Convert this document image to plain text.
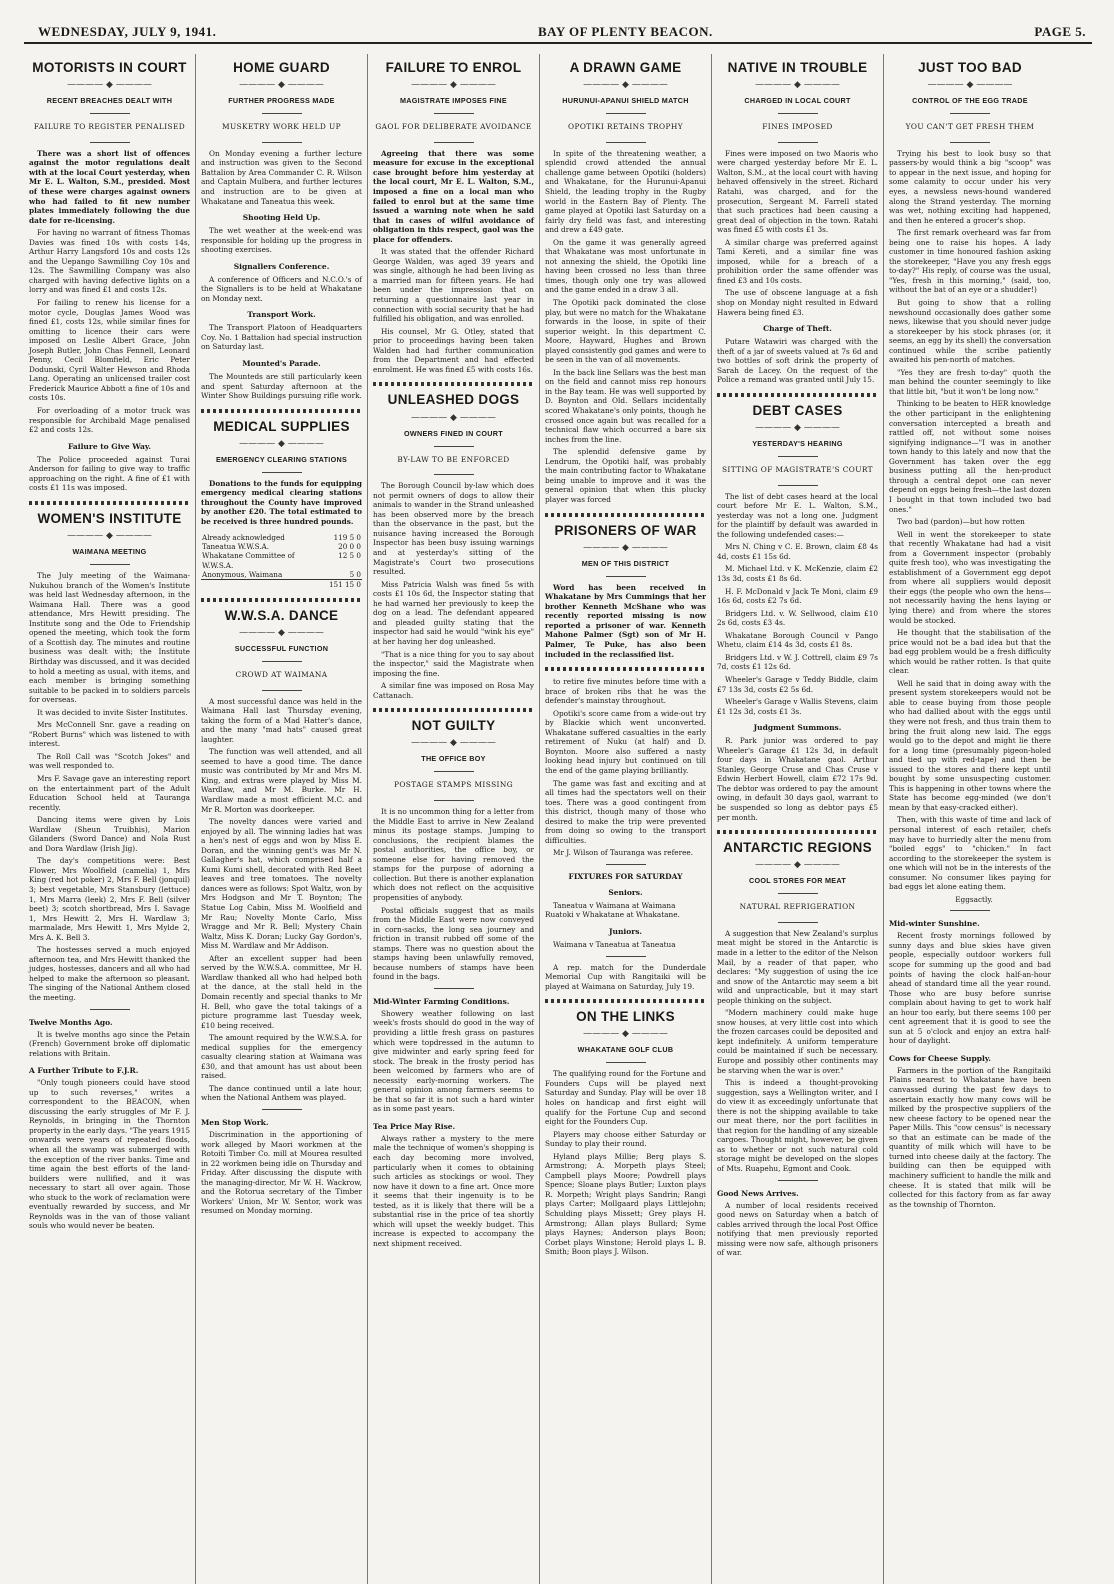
WEDNESDAY, JULY 9, 1941.	BAY OF PLENTY BEACON.	PAGE 5.
MOTORISTS IN COURT
———— ◆ ————
RECENT BREACHES DEALT WITH
FAILURE TO REGISTER PENALISED

There was a short list of offences against the motor regulations dealt with at the local Court yesterday, when Mr E. L. Walton, S.M., presided. Most of these were charges against owners who had failed to fit new number plates immediately following the due date for re-licensing.

For having no warrant of fitness Thomas Davies was fined 10s with costs 14s, Arthur Harry Langsford 10s and costs 12s and the Uepango Sawmilling Coy 10s and 12s. The Sawmilling Company was also charged with having defective lights on a lorry and was fined £1 and costs 12s.

For failing to renew his license for a motor cycle, Douglas James Wood was fined £1, costs 12s, while similar fines for omitting to licence their cars were imposed on Leslie Albert Grace, John Joseph Butler, John Chas Fennell, Leonard Penny, Cecil Blomfield, Eric Peter Dodunski, Cyril Walter Hewson and Rhoda Lang. Operating an unlicensed trailer cost Frederick Maurice Abbott a fine of 10s and costs 10s.

For overloading of a motor truck was responsible for Archibald Mage penalised £2 and costs 12s.

Failure to Give Way.

The Police proceeded against Turai Anderson for failing to give way to traffic approaching on the right. A fine of £1 with costs £1 11s was imposed.

WOMEN'S INSTITUTE
———— ◆ ————
WAIMANA MEETING

The July meeting of the Waimana-Nukuhou branch of the Women's Institute was held last Wednesday afternoon, in the Waimana Hall. There was a good attendance, Mrs Hewitt presiding. The Institute song and the Ode to Friendship opened the meeting, which took the form of a Scottish day. The minutes and routine business was dealt with; the Institute Birthday was discussed, and it was decided to hold a meeting as usual, with items, and each member is bringing something suitable to be packed in to soldiers parcels for overseas.

It was decided to invite Sister Institutes.

Mrs McConnell Snr. gave a reading on "Robert Burns" which was listened to with interest.

The Roll Call was "Scotch Jokes" and was well responded to.

Mrs F. Savage gave an interesting report on the entertainment part of the Adult Education School held at Tauranga recently.

Dancing items were given by Lois Wardlaw (Sheun Truibhis), Marion Gilanders (Sword Dance) and Nola Rust and Dora Wardlaw (Irish Jig).

The day's competitions were: Best Flower, Mrs Woolfield (camelia) 1, Mrs King (red hot poker) 2, Mrs F. Bell (jonquil) 3; best vegetable, Mrs Stansbury (lettuce) 1, Mrs Marra (leek) 2, Mrs F. Bell (silver beet) 3; scotch shortbread, Mrs I. Savage 1, Mrs Hewitt 2, Mrs H. Wardlaw 3; marmalade, Mrs Hewitt 1, Mrs Mylde 2, Mrs A. K. Bell 3.

The hostesses served a much enjoyed afternoon tea, and Mrs Hewitt thanked the judges, hostesses, dancers and all who had helped to make the afternoon so pleasant. The singing of the National Anthem closed the meeting.

Twelve Months Ago.

It is twelve months ago since the Petain (French) Government broke off diplomatic relations with Britain.

A Further Tribute to F.J.R.

"Only tough pioneers could have stood up to such reverses," writes a correspondent to the BEACON, when discussing the early struggles of Mr F. J. Reynolds, in bringing in the Thornton property in the early days. "The years 1915 onwards were years of repeated floods, when all the swamp was submerged with the exception of the river banks. Time and time again the best efforts of the land-builders were nullified, and it was necessary to start all over again. Those who stuck to the work of reclamation were eventually rewarded by success, and Mr Reynolds was in the van of those valiant souls who would never be beaten.

HOME GUARD
———— ◆ ————
FURTHER PROGRESS MADE
MUSKETRY WORK HELD UP

On Monday evening a further lecture and instruction was given to the Second Battalion by Area Commander C. R. Wilson and Captain Mulbera, and further lectures and instruction are to be given at Whakatane and Taneatua this week.

Shooting Held Up.

The wet weather at the week-end was responsible for holding up the progress in shooting exercises.

Signallers Conference.

A conference of Officers and N.C.O.'s of the Signallers is to be held at Whakatane on Monday next.

Transport Work.

The Transport Platoon of Headquarters Coy. No. 1 Battalion had special instruction on Saturday last.

Mounted's Parade.

The Mounteds are still particularly keen and spent Saturday afternoon at the Winter Show Buildings pursuing rifle work.

MEDICAL SUPPLIES
———— ◆ ————
EMERGENCY CLEARING STATIONS

Donations to the funds for equipping emergency medical clearing stations throughout the County have improved by another £20. The total estimated to be received is three hundred pounds.

Already acknowledged	119 5 0
Taneatua W.W.S.A.	20 0 0
Whakatane Committee of W.W.S.A.	12 5 0
Anonymous, Waimana	5 0
	151 15 0
W.W.S.A. DANCE
———— ◆ ————
SUCCESSFUL FUNCTION
CROWD AT WAIMANA

A most successful dance was held in the Waimana Hall last Thursday evening, taking the form of a Mad Hatter's dance, and the many "mad hats" caused great laughter.

The function was well attended, and all seemed to have a good time. The dance music was contributed by Mr and Mrs M. King, and extras were played by Miss M. Wardlaw, and Mr M. Burke. Mr H. Wardlaw made a most efficient M.C. and Mr R. Morton was doorkeeper.

The novelty dances were varied and enjoyed by all. The winning ladies hat was a hen's nest of eggs and won by Miss E. Doran, and the winning gent's was Mr N. Gallagher's hat, which comprised half a Kumi Kumi shell, decorated with Red Beet leaves and tree tomatoes. The novelty dances were as follows: Spot Waltz, won by Mrs Hodgson and Mr T. Boynton; The Statue Log Cabin, Miss M. Woolfield and Mr Rau; Novelty Monte Carlo, Miss Wragge and Mr R. Bell; Mystery Chain Waltz, Miss K. Doran; Lucky Gay Gordon's, Miss M. Wardlaw and Mr Addison.

After an excellent supper had been served by the W.W.S.A. committee, Mr H. Wardlaw thanked all who had helped both at the dance, at the stall held in the Domain recently and special thanks to Mr H. Bell, who gave the total takings of a picture programme last Tuesday week, £10 being received.

The amount required by the W.W.S.A. for medical supplies for the emergency casualty clearing station at Waimana was £30, and that amount has ust about been raised.

The dance continued until a late hour, when the National Anthem was played.

Men Stop Work.

Discrimination in the apportioning of work alleged by Maori workmen at the Rotoiti Timber Co. mill at Mourea resulted in 22 workmen being idle on Thursday and Friday. After discussing the dispute with the managing-director, Mr W. H. Wackrow, and the Rotorua secretary of the Timber Workers' Union, Mr W. Sentor, work was resumed on Monday morning.

FAILURE TO ENROL
———— ◆ ————
MAGISTRATE IMPOSES FINE
GAOL FOR DELIBERATE AVOIDANCE

Agreeing that there was some measure for excuse in the exceptional case brought before him yesterday at the local court, Mr E. L. Walton, S.M., imposed a fine on a local man who failed to enrol but at the same time issued a warning note when he said that in cases of wilful avoidance of obligation in this respect, gaol was the place for offenders.

It was stated that the offender Richard George Walden, was aged 39 years and was single, although he had been living as a married man for fifteen years. He had been under the impression that on returning a questionnaire last year in connection with social security that he had fulfilled his obligation, and was enrolled.

His counsel, Mr G. Otley, stated that prior to proceedings having been taken Walden had had further communication from the Department and had effected enrolment. He was fined £5 with costs 16s.

UNLEASHED DOGS
———— ◆ ————
OWNERS FINED IN COURT
BY-LAW TO BE ENFORCED

The Borough Council by-law which does not permit owners of dogs to allow their animals to wander in the Strand unleashed has been observed more by the breach than the observance in the past, but the nuisance having increased the Borough Inspector has been busy issuing warnings and at yesterday's sitting of the Magistrate's Court two prosecutions resulted.

Miss Patricia Walsh was fined 5s with costs £1 10s 6d, the Inspector stating that he had warned her previously to keep the dog on a lead. The defendant appeared and pleaded guilty stating that the inspector had said he would "wink his eye" at her having her dog unleashed.

"That is a nice thing for you to say about the inspector," said the Magistrate when imposing the fine.

A similar fine was imposed on Rosa May Cattanach.

NOT GUILTY
———— ◆ ————
THE OFFICE BOY
POSTAGE STAMPS MISSING

It is no uncommon thing for a letter from the Middle East to arrive in New Zealand minus its postage stamps. Jumping to conclusions, the recipient blames the postal authorities, the office boy, or someone else for having removed the stamps for the purpose of adorning a collection. But there is another explanation which does not reflect on the acquisitive propensities of anybody.

Postal officials suggest that as mails from the Middle East were now conveyed in corn-sacks, the long sea journey and friction in transit rubbed off some of the stamps. There was no question about the stamps having been unlawfully removed, because numbers of stamps have been found in the bags.

Mid-Winter Farming Conditions.

Showery weather following on last week's frosts should do good in the way of providing a little fresh grass on pastures which were topdressed in the autumn to give midwinter and early spring feed for stock. The break in the frosty period has been welcomed by farmers who are of necessity early-morning workers. The general opinion among farmers seems to be that so far it is not such a hard winter as in some past years.

Tea Price May Rise.

Always rather a mystery to the mere male the technique of women's shopping is each day becoming more involved, particularly when it comes to obtaining such articles as stockings or wool. They now have it down to a fine art. Once more it seems that their ingenuity is to be tested, as it is likely that there will be a substantial rise in the price of tea shortly which will upset the weekly budget. This increase is expected to accompany the next shipment received.

A DRAWN GAME
———— ◆ ————
HURUNUI-APANUI SHIELD MATCH
OPOTIKI RETAINS TROPHY

In spite of the threatening weather, a splendid crowd attended the annual challenge game between Opotiki (holders) and Whakatane, for the Hurunui-Apanui Shield, the leading trophy in the Rugby world in the Eastern Bay of Plenty. The game played at Opotiki last Saturday on a fairly dry field was fast, and interesting and drew a £49 gate.

On the game it was generally agreed that Whakatane was most unfortunate in not annexing the shield, the Opotiki line having been crossed no less than three times, though only one try was allowed and the game ended in a draw 3 all.

The Opotiki pack dominated the close play, but were no match for the Whakatane forwards in the loose, in spite of their superior weight. In this department C. Moore, Hayward, Hughes and Brown played consistently god games and were to be seen in the van of all movements.

In the back line Sellars was the best man on the field and cannot miss rep honours in the Bay team. He was well supported by D. Boynton and Old. Sellars incidentally scored Whakatane's only points, though he crossed once again but was recalled for a technical flaw which occurred a bare six inches from the line.

The splendid defensive game by Lendrum, the Opotiki half, was probably the main contributing factor to Whakatane being unable to improve and it was the general opinion that when this plucky player was forced

PRISONERS OF WAR
———— ◆ ————
MEN OF THIS DISTRICT

Word has been received in Whakatane by Mrs Cummings that her brother Kenneth McShane who was recently reported missing is now reported a prisoner of war. Kenneth Mahone Palmer (Sgt) son of Mr H. Palmer, Te Puke, has also been included in the reclassified list.

to retire five minutes before time with a brace of broken ribs that he was the defender's mainstay throughout.

Opotiki's score came from a wide-out try by Blackie which went unconverted. Whakatane suffered casualties in the early retirement of Nuku (at half) and D. Boynton. Moore also suffered a nasty looking head injury but continued on till the end of the game playing brilliantly.

The game was fast and exciting and at all times had the spectators well on their toes. There was a good contingent from this district, though many of those who desired to make the trip were prevented from doing so owing to the transport difficulties.

Mr J. Wilson of Tauranga was referee.

FIXTURES FOR SATURDAY
Seniors.

Taneatua v Waimana at Waimana
Ruatoki v Whakatane at Whakatane.

Juniors.

Waimana v Taneatua at Taneatua

A rep. match for the Dunderdale Memorial Cup with Rangitaiki will be played at Waimana on Saturday, July 19.

ON THE LINKS
———— ◆ ————
WHAKATANE GOLF CLUB

The qualifying round for the Fortune and Founders Cups will be played next Saturday and Sunday. Play will be over 18 holes on handicap and first eight will qualify for the Fortune Cup and second eight for the Founders Cup.

Players may choose either Saturday or Sunday to play their round.

Hyland plays Millie; Berg plays S. Armstrong; A. Morpeth plays Steel; Campbell plays Moore; Powdrell plays Spence; Sloane plays Butler; Luxton plays R. Morpeth; Wright plays Sandrin; Rangi plays Carter; Mollgaard plays Littlejohn; Schulding plays Missett; Grey plays H. Armstrong; Allan plays Bullard; Syme plays Haynes; Anderson plays Boon; Corbet plays Winstone; Herold plays L. B. Smith; Boon plays J. Wilson.

NATIVE IN TROUBLE
———— ◆ ————
CHARGED IN LOCAL COURT
FINES IMPOSED

Fines were imposed on two Maoris who were charged yesterday before Mr E. L. Walton, S.M., at the local court with having behaved offensively in the street. Richard Ratahi, was charged, and for the prosecution, Sergeant M. Farrell stated that such practices had been causing a great deal of objection in the town. Ratahi was fined £5 with costs £1 3s.

A similar charge was preferred against Tami Kereti, and a similar fine was imposed, while for a breach of a prohibition order the same offender was fined £3 and 10s costs.

The use of obscene language at a fish shop on Monday night resulted in Edward Hawera being fined £3.

Charge of Theft.

Putare Watawiri was charged with the theft of a jar of sweets valued at 7s 6d and two bottles of soft drink the property of Sarah de Lacey. On the request of the Police a remand was granted until July 15.

DEBT CASES
———— ◆ ————
YESTERDAY'S HEARING
SITTING OF MAGISTRATE'S COURT

The list of debt cases heard at the local court before Mr E. L. Walton, S.M., yesterday was not a long one. Judgment for the plaintiff by default was awarded in the following undefended cases:—

Mrs N. Ching v C. E. Brown, claim £8 4s 4d, costs £1 15s 6d.

M. Michael Ltd. v K. McKenzie, claim £2 13s 3d, costs £1 8s 6d.

H. F. McDonald v Jack Te Moni, claim £9 16s 6d, costs £2 7s 6d.

Bridgers Ltd. v. W. Sellwood, claim £10 2s 6d, costs £3 4s.

Whakatane Borough Council v Pango Whetu, claim £14 4s 3d, costs £1 8s.

Bridgers Ltd. v W. J. Cottrell, claim £9 7s 7d, costs £1 12s 6d.

Wheeler's Garage v Teddy Biddle, claim £7 13s 3d, costs £2 5s 6d.

Wheeler's Garage v Wallis Stevens, claim £1 12s 3d, costs £1 3s.

Judgment Summons.

R. Park junior was ordered to pay Wheeler's Garage £1 12s 3d, in default four days in Whakatane gaol. Arthur Stanley, George Cruse and Chas Cruse v Edwin Herbert Howell, claim £72 17s 9d. The debtor was ordered to pay the amount owing, in default 30 days gaol, warrant to be suspended so long as debtor pays £5 per month.

ANTARCTIC REGIONS
———— ◆ ————
COOL STORES FOR MEAT
NATURAL REFRIGERATION

A suggestion that New Zealand's surplus meat might be stored in the Antarctic is made in a letter to the editor of the Nelson Mail, by a reader of that paper, who declares: "My suggestion of using the ice and snow of the Antarctic may seem a bit wild and unpracticable, but it may start people thinking on the subject.

"Modern machinery could make huge snow houses, at very little cost into which the frozen carcases could be deposited and kept indefinitely. A uniform temperature could be maintained if such be necessary. Europe and possibly other continents may be starving when the war is over."

This is indeed a thought-provoking suggestion, says a Wellington writer, and I do view it as exceedingly unfortunate that there is not the shipping available to take our meat there, nor the port facilities in that region for the handling of any sizeable cargoes. Thought might, however, be given as to whether or not such natural cold storage might be developed on the slopes of Mts. Ruapehu, Egmont and Cook.

Good News Arrives.

A number of local residents received good news on Saturday when a batch of cables arrived through the local Post Office notifying that men previously reported missing were now safe, although prisoners of war.

JUST TOO BAD
———— ◆ ————
CONTROL OF THE EGG TRADE
YOU CAN'T GET FRESH THEM

Trying his best to look busy so that passers-by would think a big "scoop" was to appear in the next issue, and hoping for some calamity to occur under his very eyes, a newsless news-hound wandered along the Strand yesterday. The morning was wet, nothing exciting had happened, and then he entered a grocer's shop.

The first remark overheard was far from being one to raise his hopes. A lady customer in time honoured fashion asking the storekeeper, "Have you any fresh eggs to-day?" His reply, of course was the usual, "Yes, fresh in this morning," (said, too, without the bat of an eye or a shudder!)

But going to show that a rolling newshound occasionally does gather some news, likewise that you should never judge a storekeeper by his stock phrases (or, it seems, an egg by its shell) the conversation continued while the scribe patiently awaited his pen-north of matches.

"Yes they are fresh to-day" quoth the man behind the counter seemingly to like that little bit, "but it won't be long now."

Thinking to be beaten to HER knowledge the other participant in the enlightening conversation intercepted a breath and rattled off, not without some noises signifying indignance—"I was in another town handy to this lately and now that the Government has taken over the egg business putting all the hen-product through a central depot one can never depend on eggs being fresh—the last dozen I bought in that town included two bad ones."

Two bad (pardon)—but how rotten

Well in went the storekeeper to state that recently Whakatane had had a visit from a Government inspector (probably quite fresh too), who was investigating the establishment of a Government egg depot from where all suppliers would deposit their eggs (the people who own the hens—not necessarily having the hens laying or lying there) and from where the stores would be stocked.

He thought that the stabilisation of the price would not be a bad idea but that the bad egg problem would be a fresh difficulty which would be rather rotten. Is that quite clear.

Well he said that in doing away with the present system storekeepers would not be able to cease buying from those people who had dallied about with the eggs until they were not fresh, and thus train them to bring the fruit along new laid. The eggs would go to the depot and might lie there for a long time (presumably pigeon-holed and tied up with red-tape) and then be issued to the stores and there kept until bought by some unsuspecting customer. This is happening in other towns where the State has become egg-minded (we don't mean by that easy-cracked either).

Then, with this waste of time and lack of personal interest of each retailer, chefs may have to hurriedly alter the menu from "boiled eggs" to "chicken." In fact according to the storekeeper the system is one which will not be in the interests of the consumer. No consumer likes paying for bad eggs let alone eating them.

Eggsactly.

Mid-winter Sunshine.

Recent frosty mornings followed by sunny days and blue skies have given people, especially outdoor workers full scope for summing up the good and bad points of having the clock half-an-hour ahead of standard time all the year round. Those who are busy before sunrise complain about having to get to work half an hour too early, but there seems 100 per cent agreement that it is good to see the sun at 5 o'clock and enjoy an extra half-hour of daylight.

Cows for Cheese Supply.

Farmers in the portion of the Rangitaiki Plains nearest to Whakatane have been canvassed during the past few days to ascertain exactly how many cows will be milked by the prospective suppliers of the new cheese factory to be opened near the Paper Mills. This "cow census" is necessary so that an estimate can be made of the quantity of milk which will have to be turned into cheese daily at the factory. The building can then be equipped with machinery sufficient to handle the milk and cheese. It is stated that milk will be collected for this factory from as far away as the township of Thornton.
